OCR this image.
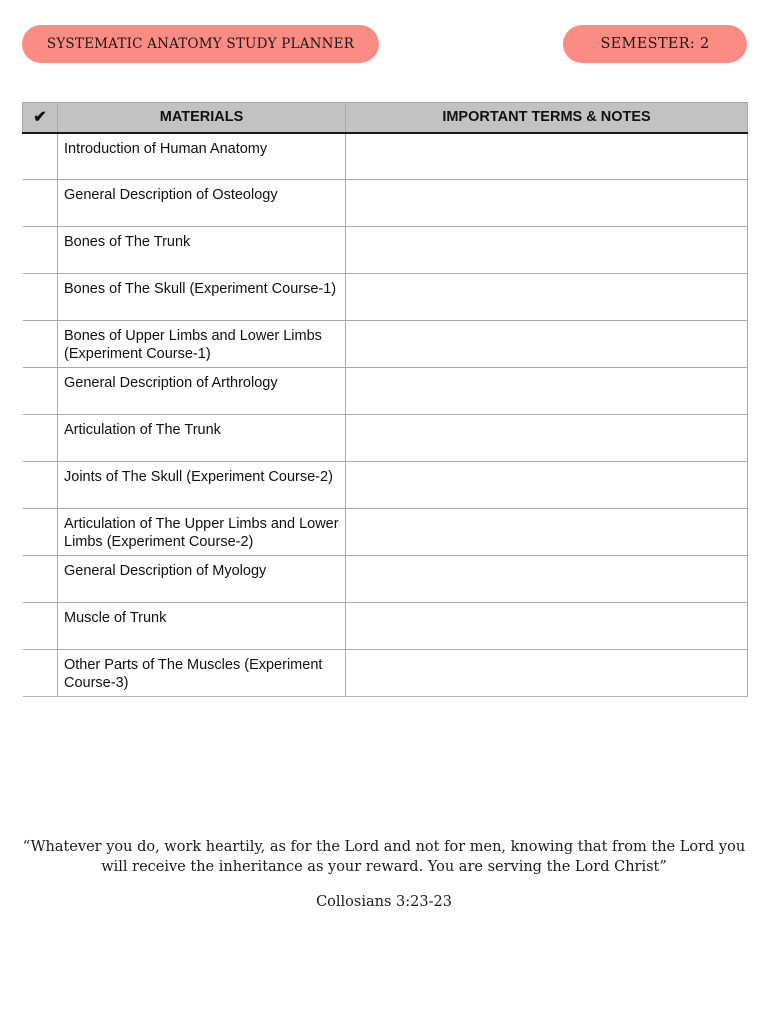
SYSTEMATIC ANATOMY STUDY PLANNER	SEMESTER:
2
✔	MATERIALS	IMPORTANT TERMS & NOTES

	Introduction of Human Anatomy	

	General Description of Osteology	

	Bones of The Trunk	

	Bones of The Skull (Experiment Course-1)	

	Bones of Upper Limbs and Lower Limbs (Experiment Course-1)	

	General Description of Arthrology	

	Articulation of The Trunk	

	Joints of The Skull (Experiment Course-2)	

	Articulation of The Upper Limbs and Lower Limbs (Experiment Course-2)	

	General Description of Myology	

	Muscle of Trunk	

	Other Parts of The Muscles (Experiment Course-3)	

“Whatever you do, work heartily, as for the Lord and not for men, knowing that from the Lord you will receive the inheritance as your reward. You are serving the Lord Christ”
Collosians 3:23-23
